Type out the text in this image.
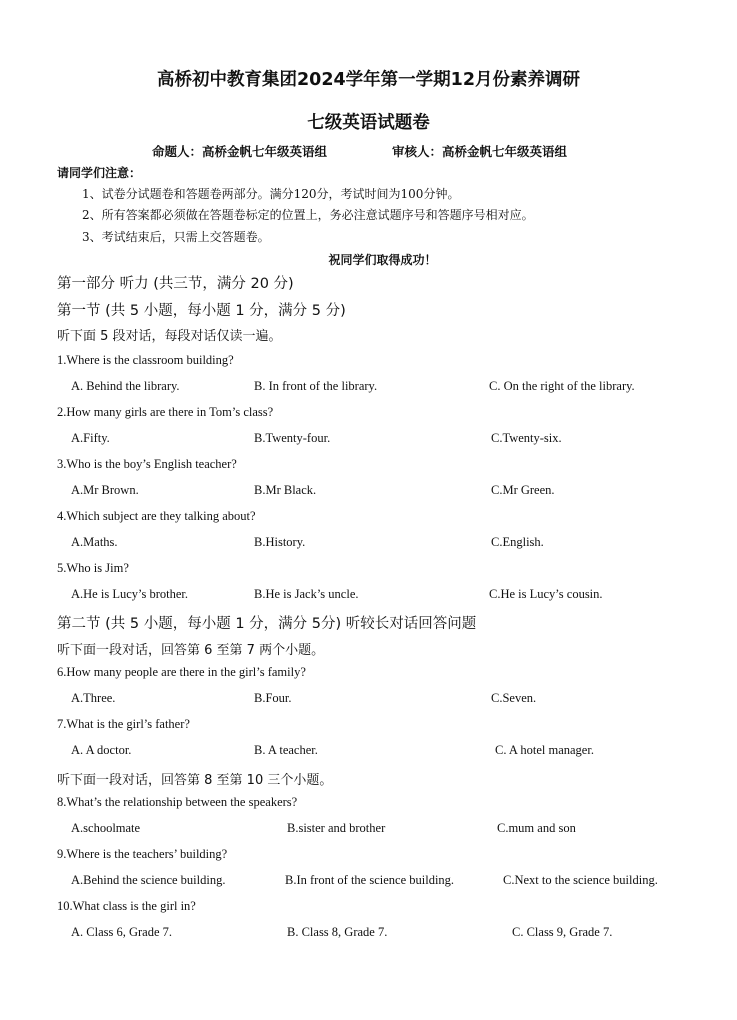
高桥初中教育集团2024学年第一学期12月份素养调研
七级英语试题卷
命题人：高桥金帆七年级英语组	审核人：高桥金帆七年级英语组
请同学们注意：
1、试卷分试题卷和答题卷两部分。满分120分，考试时间为100分钟。
2、所有答案都必须做在答题卷标定的位置上，务必注意试题序号和答题序号相对应。
3、考试结束后，只需上交答题卷。
祝同学们取得成功！
第一部分 听力 (共三节，满分 20 分)
第一节 (共 5 小题，每小题 1 分，满分 5 分)
听下面 5 段对话，每段对话仅读一遍。
1.Where is the classroom building?
A. Behind the library.	B. In front of the library.	C. On the right of the library.
2.How many girls are there in Tom’s class?
A.Fifty.	B.Twenty-four.	C.Twenty-six.
3.Who is the boy’s English teacher?
A.Mr Brown.	B.Mr Black.	C.Mr Green.
4.Which subject are they talking about?
A.Maths.	B.History.	C.English.
5.Who is Jim?
A.He is Lucy’s brother.	B.He is Jack’s uncle.	C.He is Lucy’s cousin.
第二节 (共 5 小题，每小题 1 分，满分 5分) 听较长对话回答问题
听下面一段对话，回答第 6 至第 7 两个小题。
6.How many people are there in the girl’s family?
A.Three.	B.Four.	C.Seven.
7.What is the girl’s father?
A. A doctor.	B. A teacher.	C. A hotel manager.
听下面一段对话，回答第 8 至第 10 三个小题。
8.What’s the relationship between the speakers?
A.schoolmate	B.sister and brother	C.mum and son
9.Where is the teachers’ building?
A.Behind the science building.	B.In front of the science building.	C.Next to the science building.
10.What class is the girl in?
A. Class 6, Grade 7.	B. Class 8, Grade 7.	C. Class 9, Grade 7.
